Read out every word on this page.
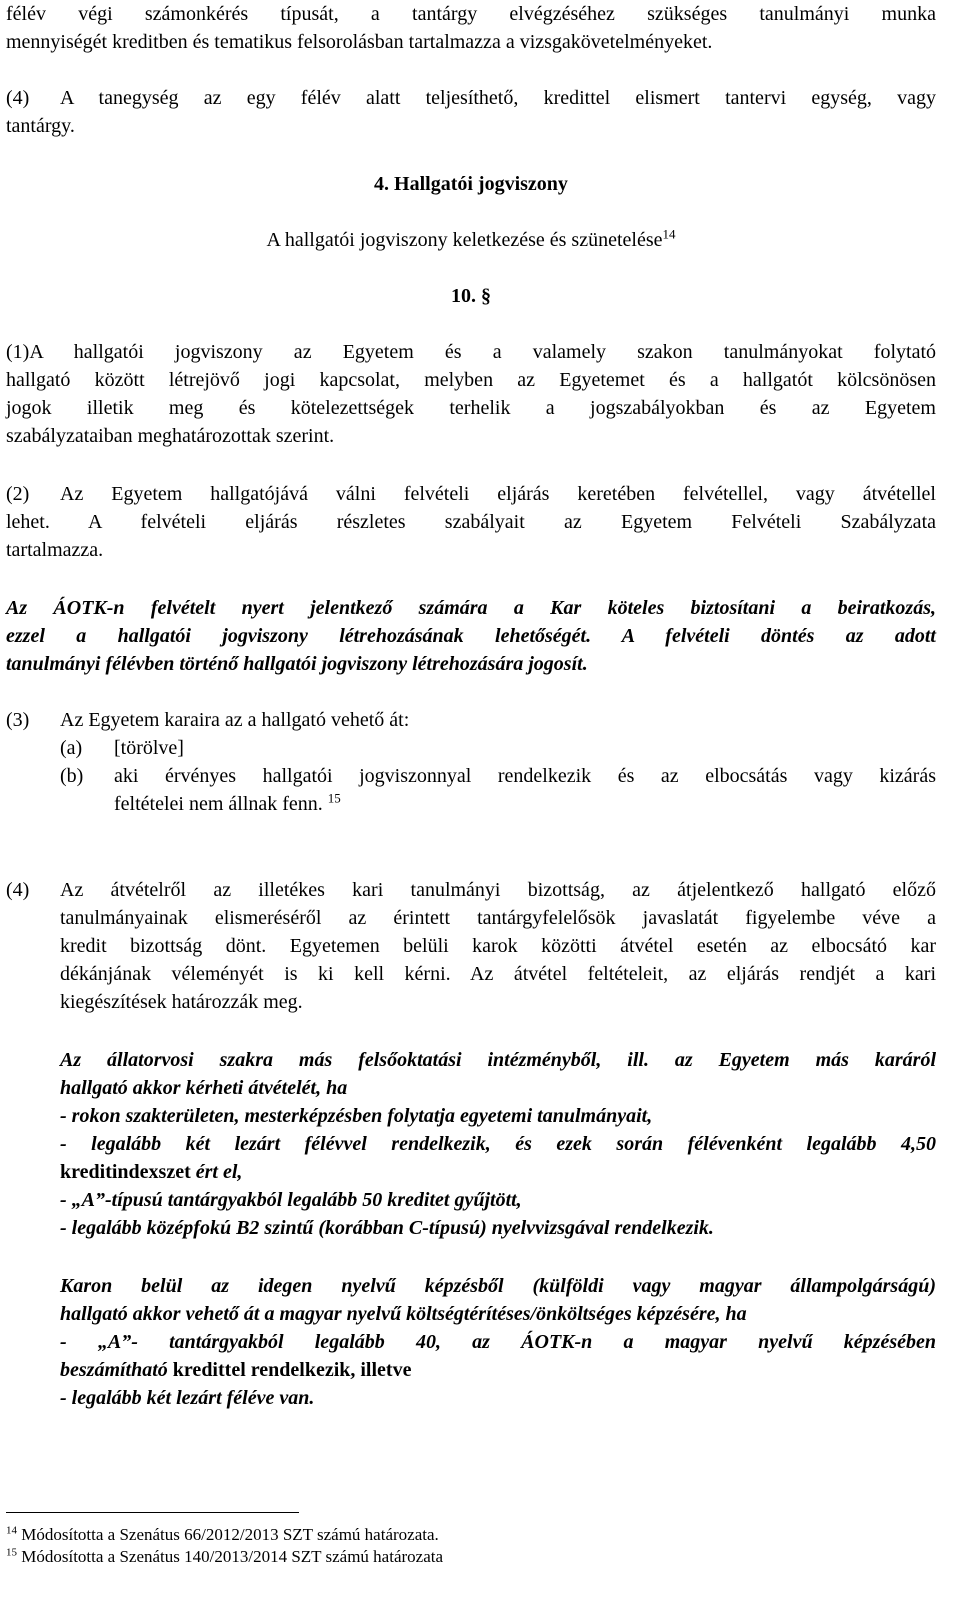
félév végi számonkérés típusát, a tantárgy elvégzéséhez szükséges tanulmányi munka
mennyiségét kreditben és tematikus felsorolásban tartalmazza a vizsgakövetelményeket.
(4) A tanegység az egy félév alatt teljesíthető, kredittel elismert tantervi egység, vagy
tantárgy.
4. Hallgatói jogviszony
A hallgatói jogviszony keletkezése és szünetelése$^{14}$
10. §
(1)A hallgatói jogviszony az Egyetem és a valamely szakon tanulmányokat folytató
hallgató között létrejövő jogi kapcsolat, melyben az Egyetemet és a hallgatót kölcsönösen
jogok illetik meg és kötelezettségek terhelik a jogszabályokban és az Egyetem
szabályzataiban meghatározottak szerint.
(2) Az Egyetem hallgatójává válni felvételi eljárás keretében felvétellel, vagy átvétellel
lehet. A felvételi eljárás részletes szabályait az Egyetem Felvételi Szabályzata
tartalmazza.
Az ÁOTK-n felvételt nyert jelentkező számára a Kar köteles biztosítani a beiratkozás,
ezzel a hallgatói jogviszony létrehozásának lehetőségét. A felvételi döntés az adott
tanulmányi félévben történő hallgatói jogviszony létrehozására jogosít.
(3) Az Egyetem karaira az a hallgató vehető át:
(a) [törölve]
(b) aki érvényes hallgatói jogviszonnyal rendelkezik és az elbocsátás vagy kizárás
feltételei nem állnak fenn. $^{15}$
(4) Az átvételről az illetékes kari tanulmányi bizottság, az átjelentkező hallgató előző
tanulmányainak elismeréséről az érintett tantárgyfelelősök javaslatát figyelembe véve a
kredit bizottság dönt. Egyetemen belüli karok közötti átvétel esetén az elbocsátó kar
dékánjának véleményét is ki kell kérni. Az átvétel feltételeit, az eljárás rendjét a kari
kiegészítések határozzák meg.
Az állatorvosi szakra más felsőoktatási intézményből, ill. az Egyetem más karáról
hallgató akkor kérheti átvételét, ha
- rokon szakterületen, mesterképzésben folytatja egyetemi tanulmányait,
- legalább két lezárt félévvel rendelkezik, és ezek során félévenként legalább 4,50
kreditindexszet ért el,
- „A”-típusú tantárgyakból legalább 50 kreditet gyűjtött,
- legalább középfokú B2 szintű (korábban C-típusú) nyelvvizsgával rendelkezik.
Karon belül az idegen nyelvű képzésből (külföldi vagy magyar állampolgárságú)
hallgató akkor vehető át a magyar nyelvű költségtérítéses/önköltséges képzésére, ha
- „A”- tantárgyakból legalább 40, az ÁOTK-n a magyar nyelvű képzésében
beszámítható kredittel rendelkezik, illetve
- legalább két lezárt féléve van.
$^{14}$ Módosította a Szenátus 66/2012/2013 SZT számú határozata.
$^{15}$ Módosította a Szenátus 140/2013/2014 SZT számú határozata
